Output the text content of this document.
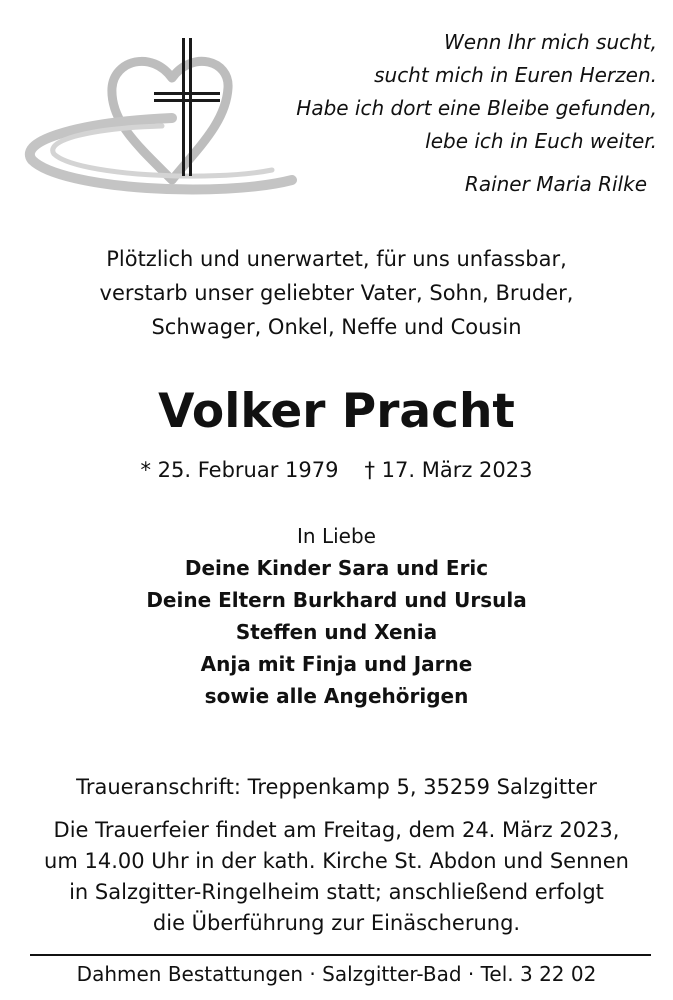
Wenn Ihr mich sucht,
sucht mich in Euren Herzen.
Habe ich dort eine Bleibe gefunden,
lebe ich in Euch weiter.
Rainer Maria Rilke
Plötzlich und unerwartet, für uns unfassbar,
verstarb unser geliebter Vater, Sohn, Bruder,
Schwager, Onkel, Neffe und Cousin
Volker Pracht
* 25. Februar 1979 † 17. März 2023
In Liebe
Deine Kinder Sara und Eric
Deine Eltern Burkhard und Ursula
Steffen und Xenia
Anja mit Finja und Jarne
sowie alle Angehörigen
Traueranschrift: Treppenkamp 5, 35259 Salzgitter
Die Trauerfeier findet am Freitag, dem 24. März 2023,
um 14.00 Uhr in der kath. Kirche St. Abdon und Sennen
in Salzgitter-Ringelheim statt; anschließend erfolgt
die Überführung zur Einäscherung.
Dahmen Bestattungen · Salzgitter-Bad · Tel. 3 22 02
